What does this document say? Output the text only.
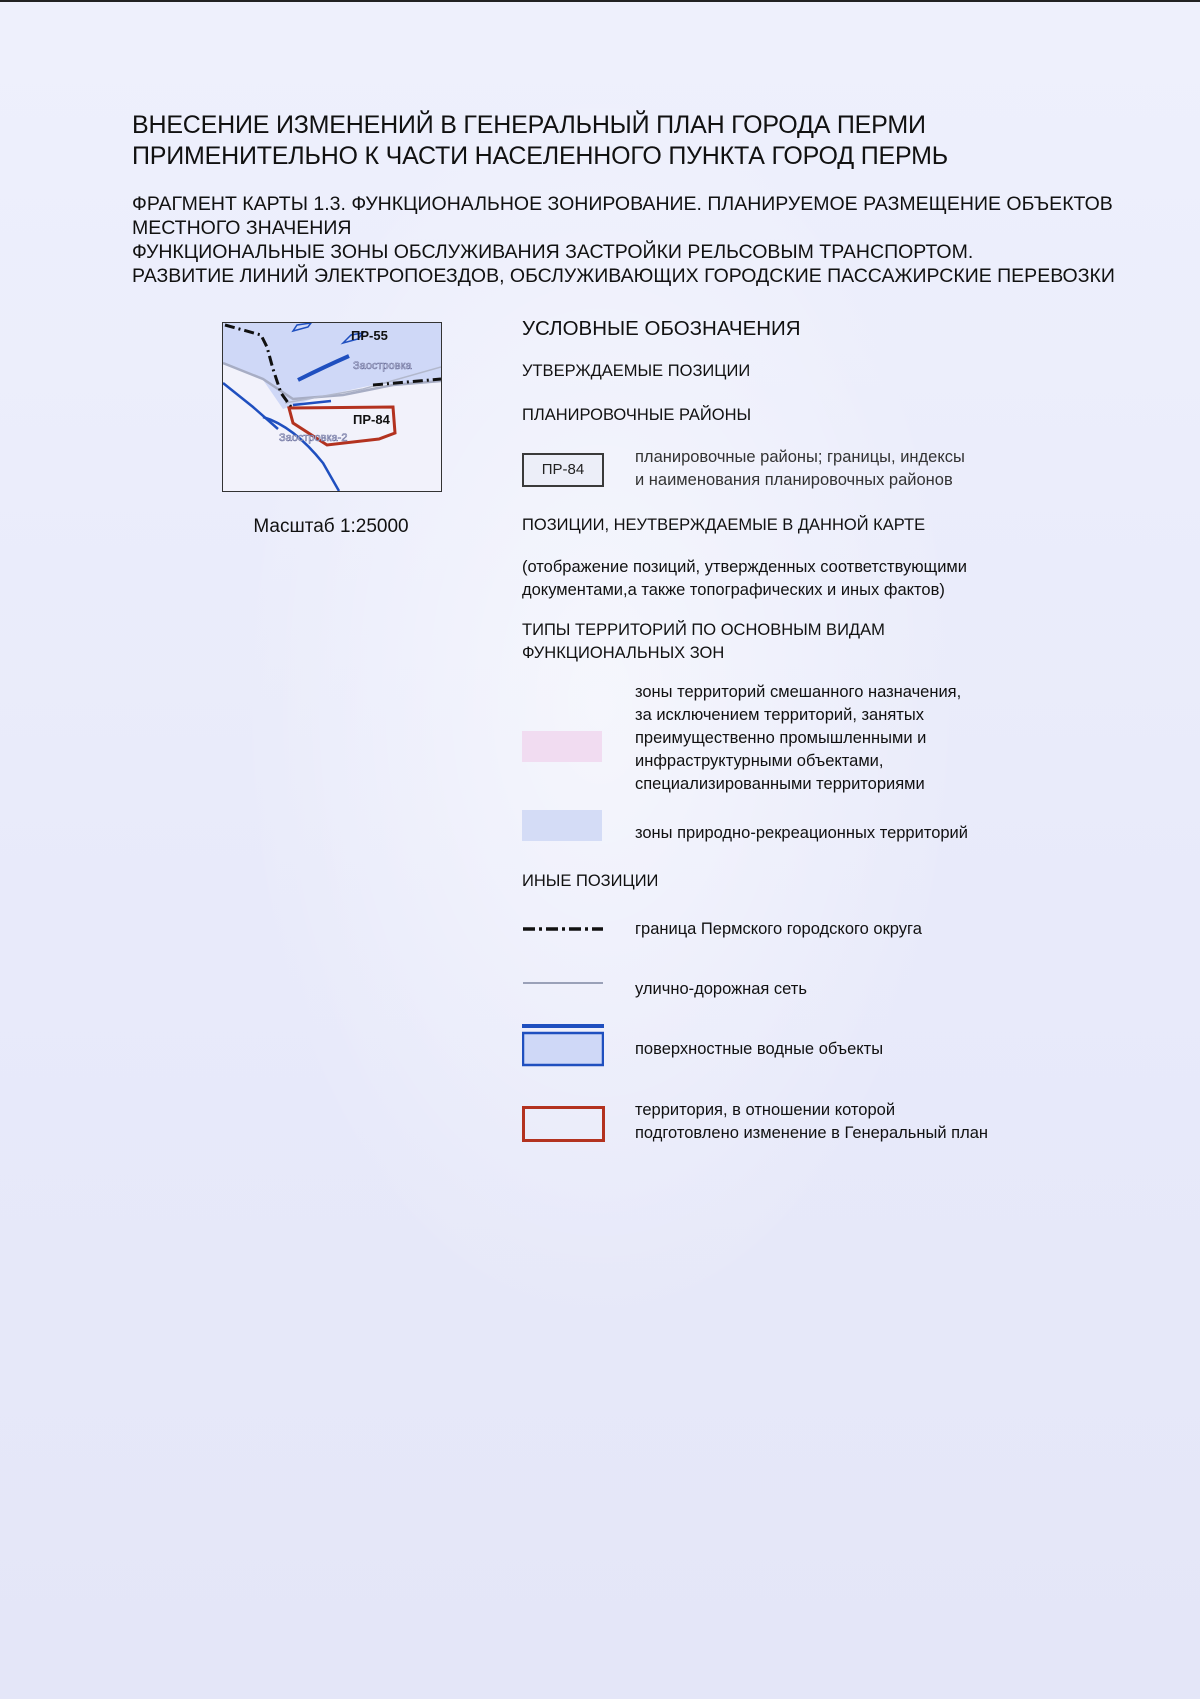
ВНЕСЕНИЕ ИЗМЕНЕНИЙ В ГЕНЕРАЛЬНЫЙ ПЛАН ГОРОДА ПЕРМИ
ПРИМЕНИТЕЛЬНО К ЧАСТИ НАСЕЛЕННОГО ПУНКТА ГОРОД ПЕРМЬ
ФРАГМЕНТ КАРТЫ 1.3. ФУНКЦИОНАЛЬНОЕ ЗОНИРОВАНИЕ. ПЛАНИРУЕМОЕ РАЗМЕЩЕНИЕ ОБЪЕКТОВ МЕСТНОГО ЗНАЧЕНИЯ
ФУНКЦИОНАЛЬНЫЕ ЗОНЫ ОБСЛУЖИВАНИЯ ЗАСТРОЙКИ РЕЛЬСОВЫМ ТРАНСПОРТОМ.
РАЗВИТИЕ ЛИНИЙ ЭЛЕКТРОПОЕЗДОВ, ОБСЛУЖИВАЮЩИХ ГОРОДСКИЕ ПАССАЖИРСКИЕ ПЕРЕВОЗКИ
ПР-55
Заостровка
ПР-84
Заостровка-2
Масштаб 1:25000
УСЛОВНЫЕ ОБОЗНАЧЕНИЯ
УТВЕРЖДАЕМЫЕ ПОЗИЦИИ
ПЛАНИРОВОЧНЫЕ РАЙОНЫ
ПР-84
планировочные районы; границы, индексы
и наименования планировочных районов
ПОЗИЦИИ, НЕУТВЕРЖДАЕМЫЕ В ДАННОЙ КАРТЕ
(отображение позиций, утвержденных соответствующими
документами,а также топографических и иных фактов)
ТИПЫ ТЕРРИТОРИЙ ПО ОСНОВНЫМ ВИДАМ
ФУНКЦИОНАЛЬНЫХ ЗОН
зоны территорий смешанного назначения,
за исключением территорий, занятых
преимущественно промышленными и
инфраструктурными объектами,
специализированными территориями
зоны природно-рекреационных территорий
ИНЫЕ ПОЗИЦИИ
граница Пермского городского округа
улично-дорожная сеть
поверхностные водные объекты
территория, в отношении которой
подготовлено изменение в Генеральный план
